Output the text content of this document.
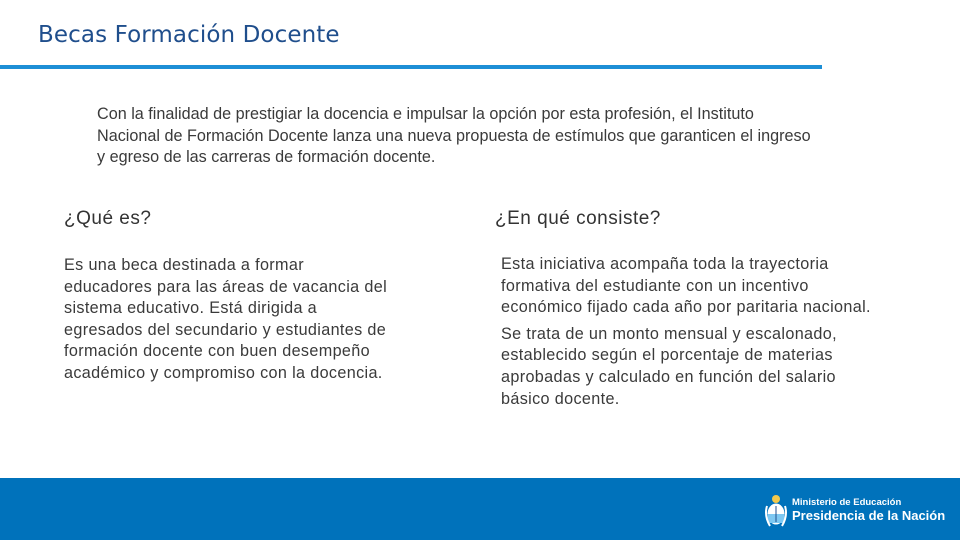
Becas Formación Docente
Con la finalidad de prestigiar la docencia e impulsar la opción por esta profesión, el Instituto Nacional de Formación Docente lanza una nueva propuesta de estímulos que garanticen el ingreso y egreso de las carreras de formación docente.
¿Qué es?

Es una beca destinada a formar educadores para las áreas de vacancia del sistema educativo. Está dirigida a egresados del secundario y estudiantes de formación docente con buen desempeño académico y compromiso con la docencia.

¿En qué consiste?

Esta iniciativa acompaña toda la trayectoria formativa del estudiante con un incentivo económico fijado cada año por paritaria nacional.

Se trata de un monto mensual y escalonado, establecido según el porcentaje de materias aprobadas y calculado en función del salario básico docente.

Ministerio de Educación
Presidencia de la Nación
